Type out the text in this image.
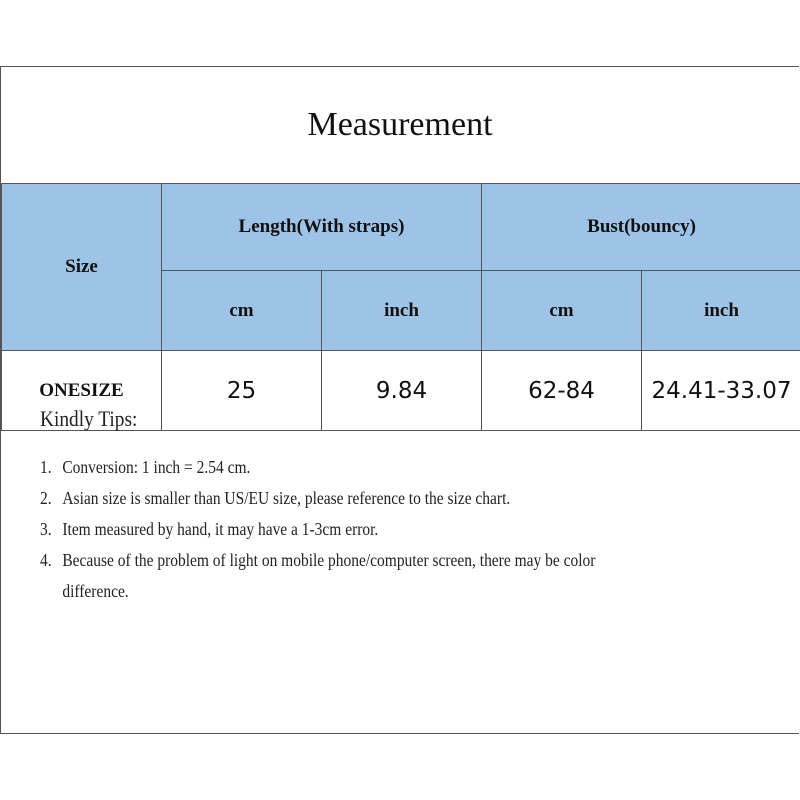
Measurement
Size	Length(With straps)		Bust(bouncy)	
	cm	inch	cm	inch
ONESIZE	25	9.84	62-84	24.41-33.07
Kindly Tips:
1. Conversion: 1 inch = 2.54 cm.
2. Asian size is smaller than US/EU size, please reference to the size chart.
3. Item measured by hand, it may have a 1-3cm error.
4. Because of the problem of light on mobile phone/computer screen, there may be color difference.
